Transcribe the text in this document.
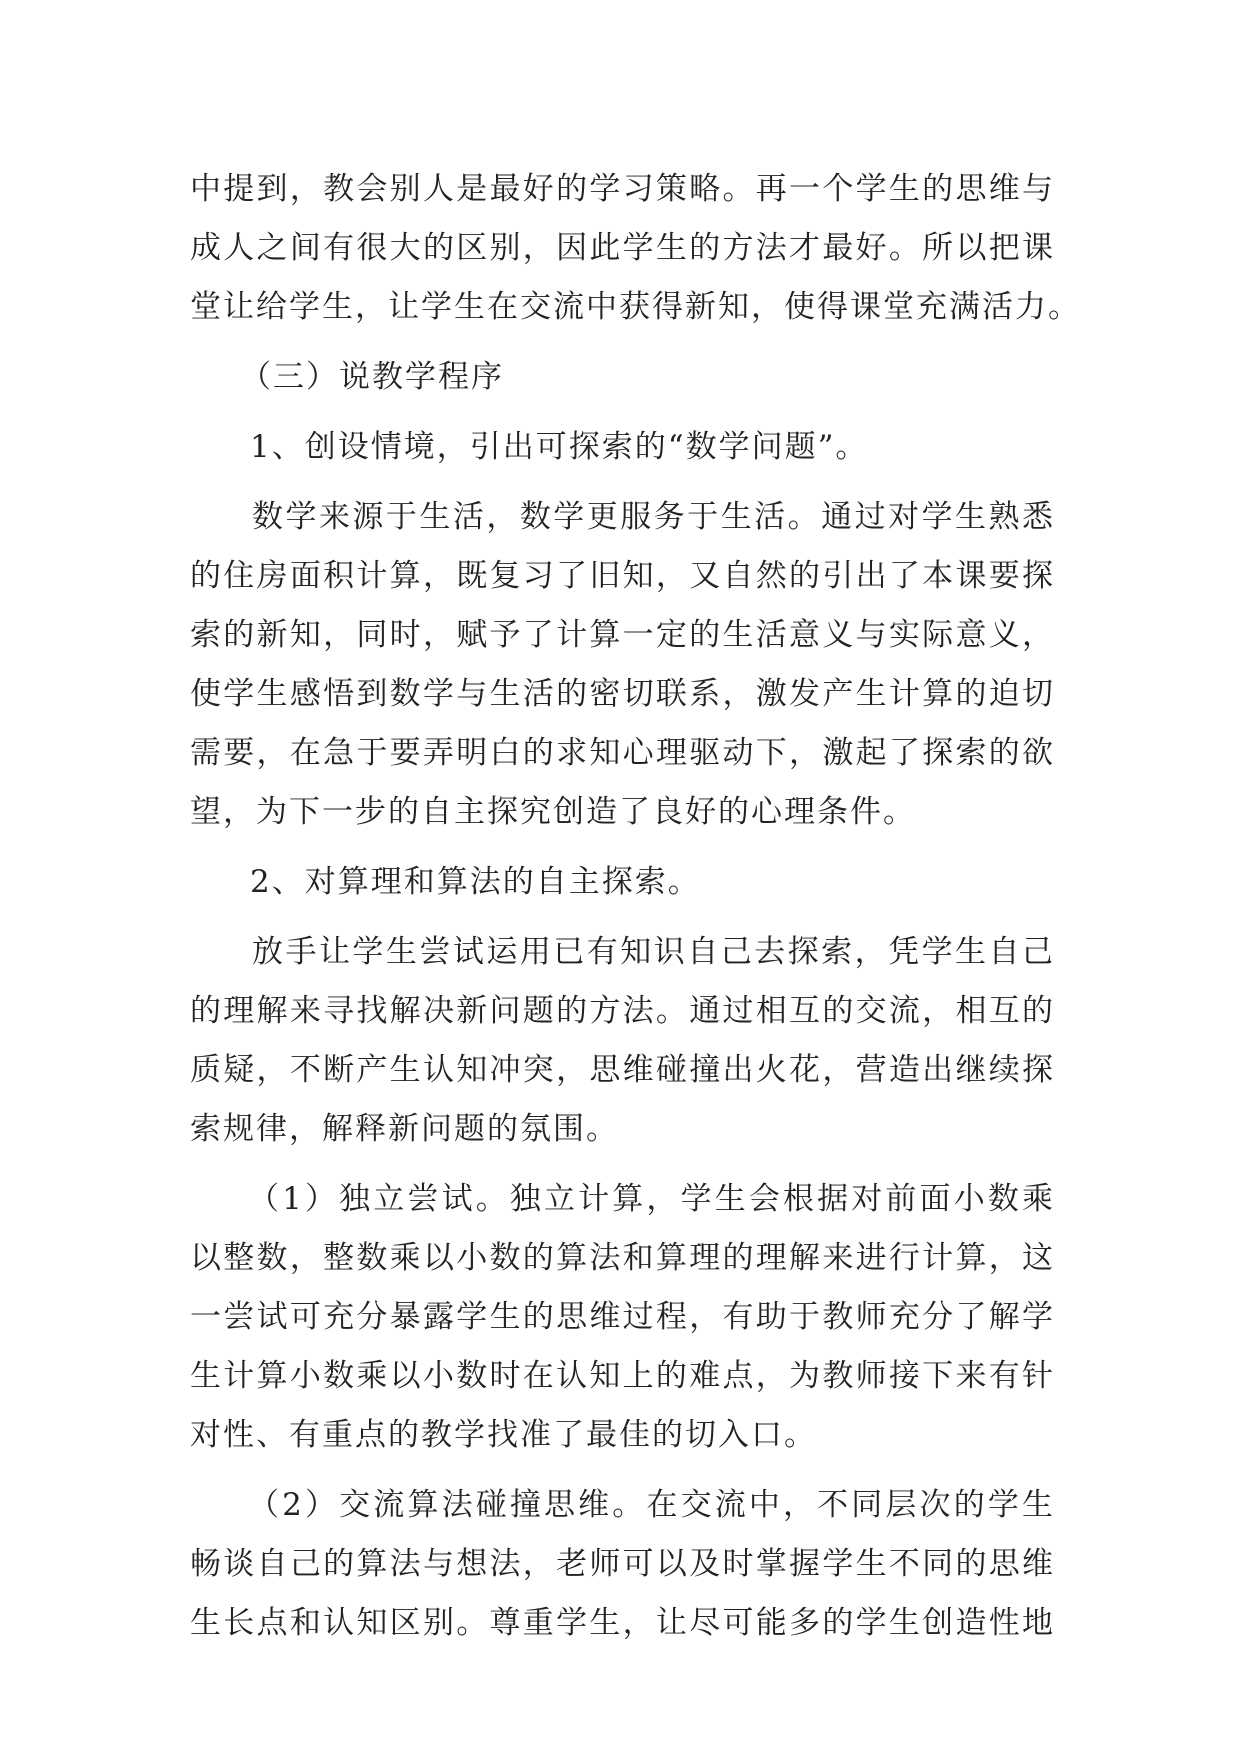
中提到，教会别人是最好的学习策略。再一个学生的思维与
成人之间有很大的区别，因此学生的方法才最好。所以把课
堂让给学生，让学生在交流中获得新知，使得课堂充满活力。
（三）说教学程序
1、创设情境，引出可探索的“数学问题”。
数学来源于生活，数学更服务于生活。通过对学生熟悉
的住房面积计算，既复习了旧知，又自然的引出了本课要探
索的新知，同时，赋予了计算一定的生活意义与实际意义，
使学生感悟到数学与生活的密切联系，激发产生计算的迫切
需要，在急于要弄明白的求知心理驱动下，激起了探索的欲
望，为下一步的自主探究创造了良好的心理条件。
2、对算理和算法的自主探索。
放手让学生尝试运用已有知识自己去探索，凭学生自己
的理解来寻找解决新问题的方法。通过相互的交流，相互的
质疑，不断产生认知冲突，思维碰撞出火花，营造出继续探
索规律，解释新问题的氛围。
（1）独立尝试。独立计算，学生会根据对前面小数乘
以整数，整数乘以小数的算法和算理的理解来进行计算，这
一尝试可充分暴露学生的思维过程，有助于教师充分了解学
生计算小数乘以小数时在认知上的难点，为教师接下来有针
对性、有重点的教学找准了最佳的切入口。
（2）交流算法碰撞思维。在交流中，不同层次的学生
畅谈自己的算法与想法，老师可以及时掌握学生不同的思维
生长点和认知区别。尊重学生，让尽可能多的学生创造性地
